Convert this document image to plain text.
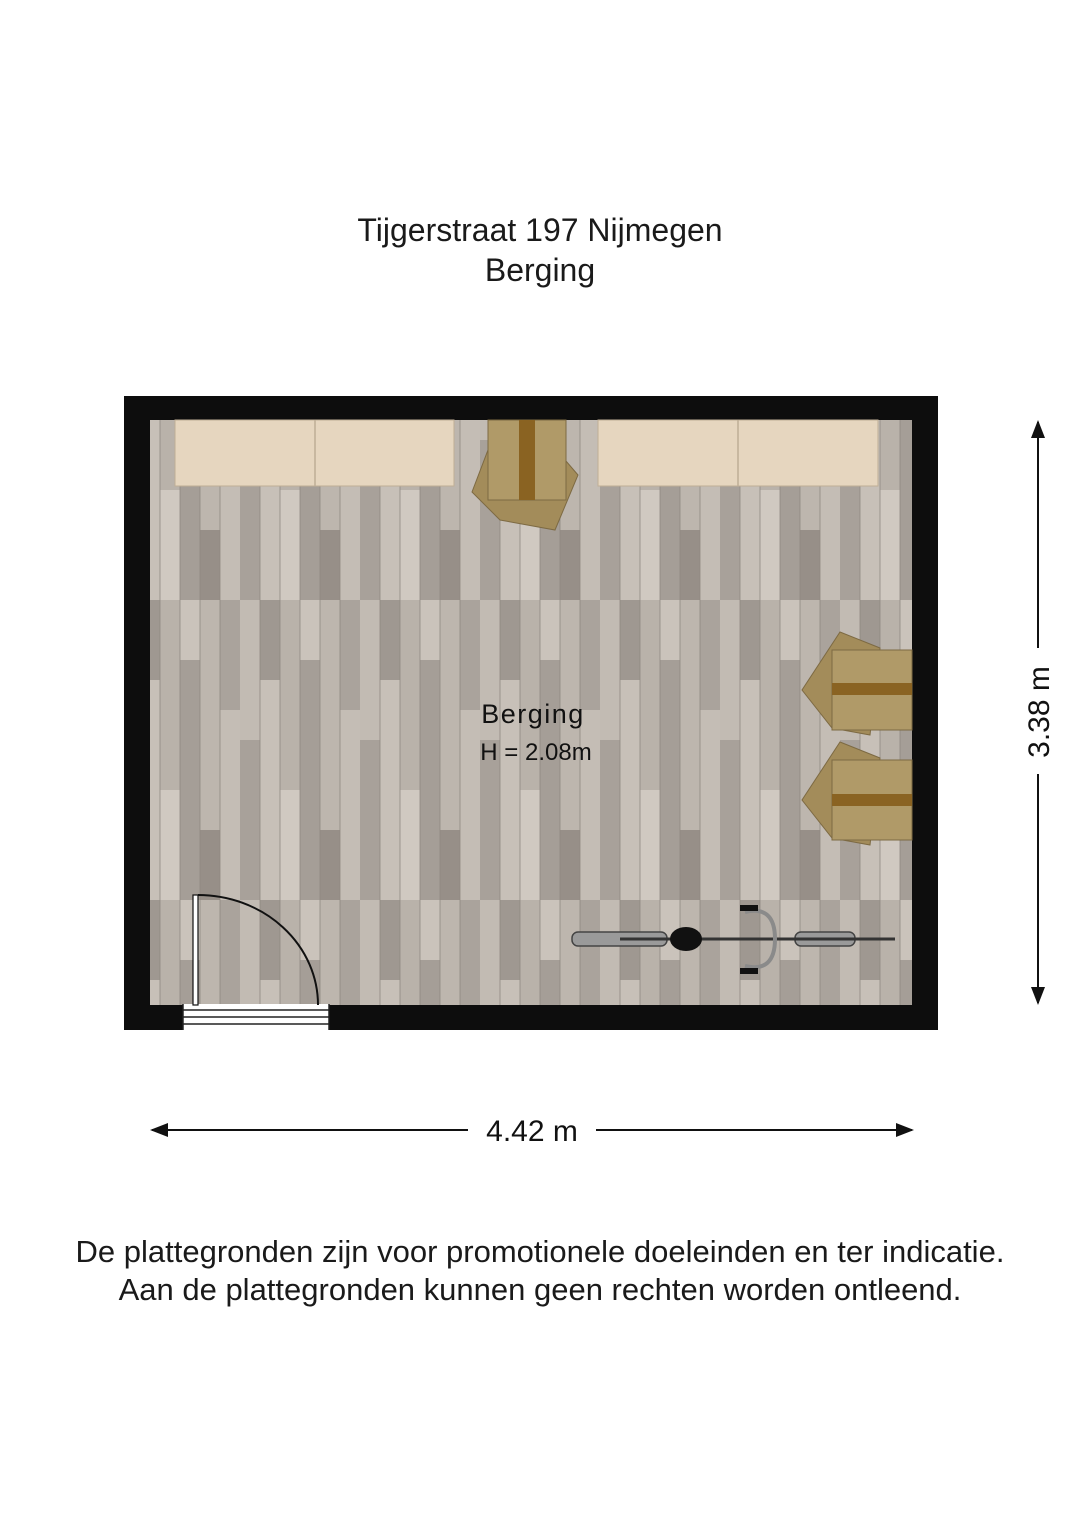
Tijgerstraat 197 Nijmegen
Berging
Berging
H = 2.08m
4.42 m
3.38 m
De plattegronden zijn voor promotionele doeleinden en ter indicatie.
Aan de plattegronden kunnen geen rechten worden ontleend.
